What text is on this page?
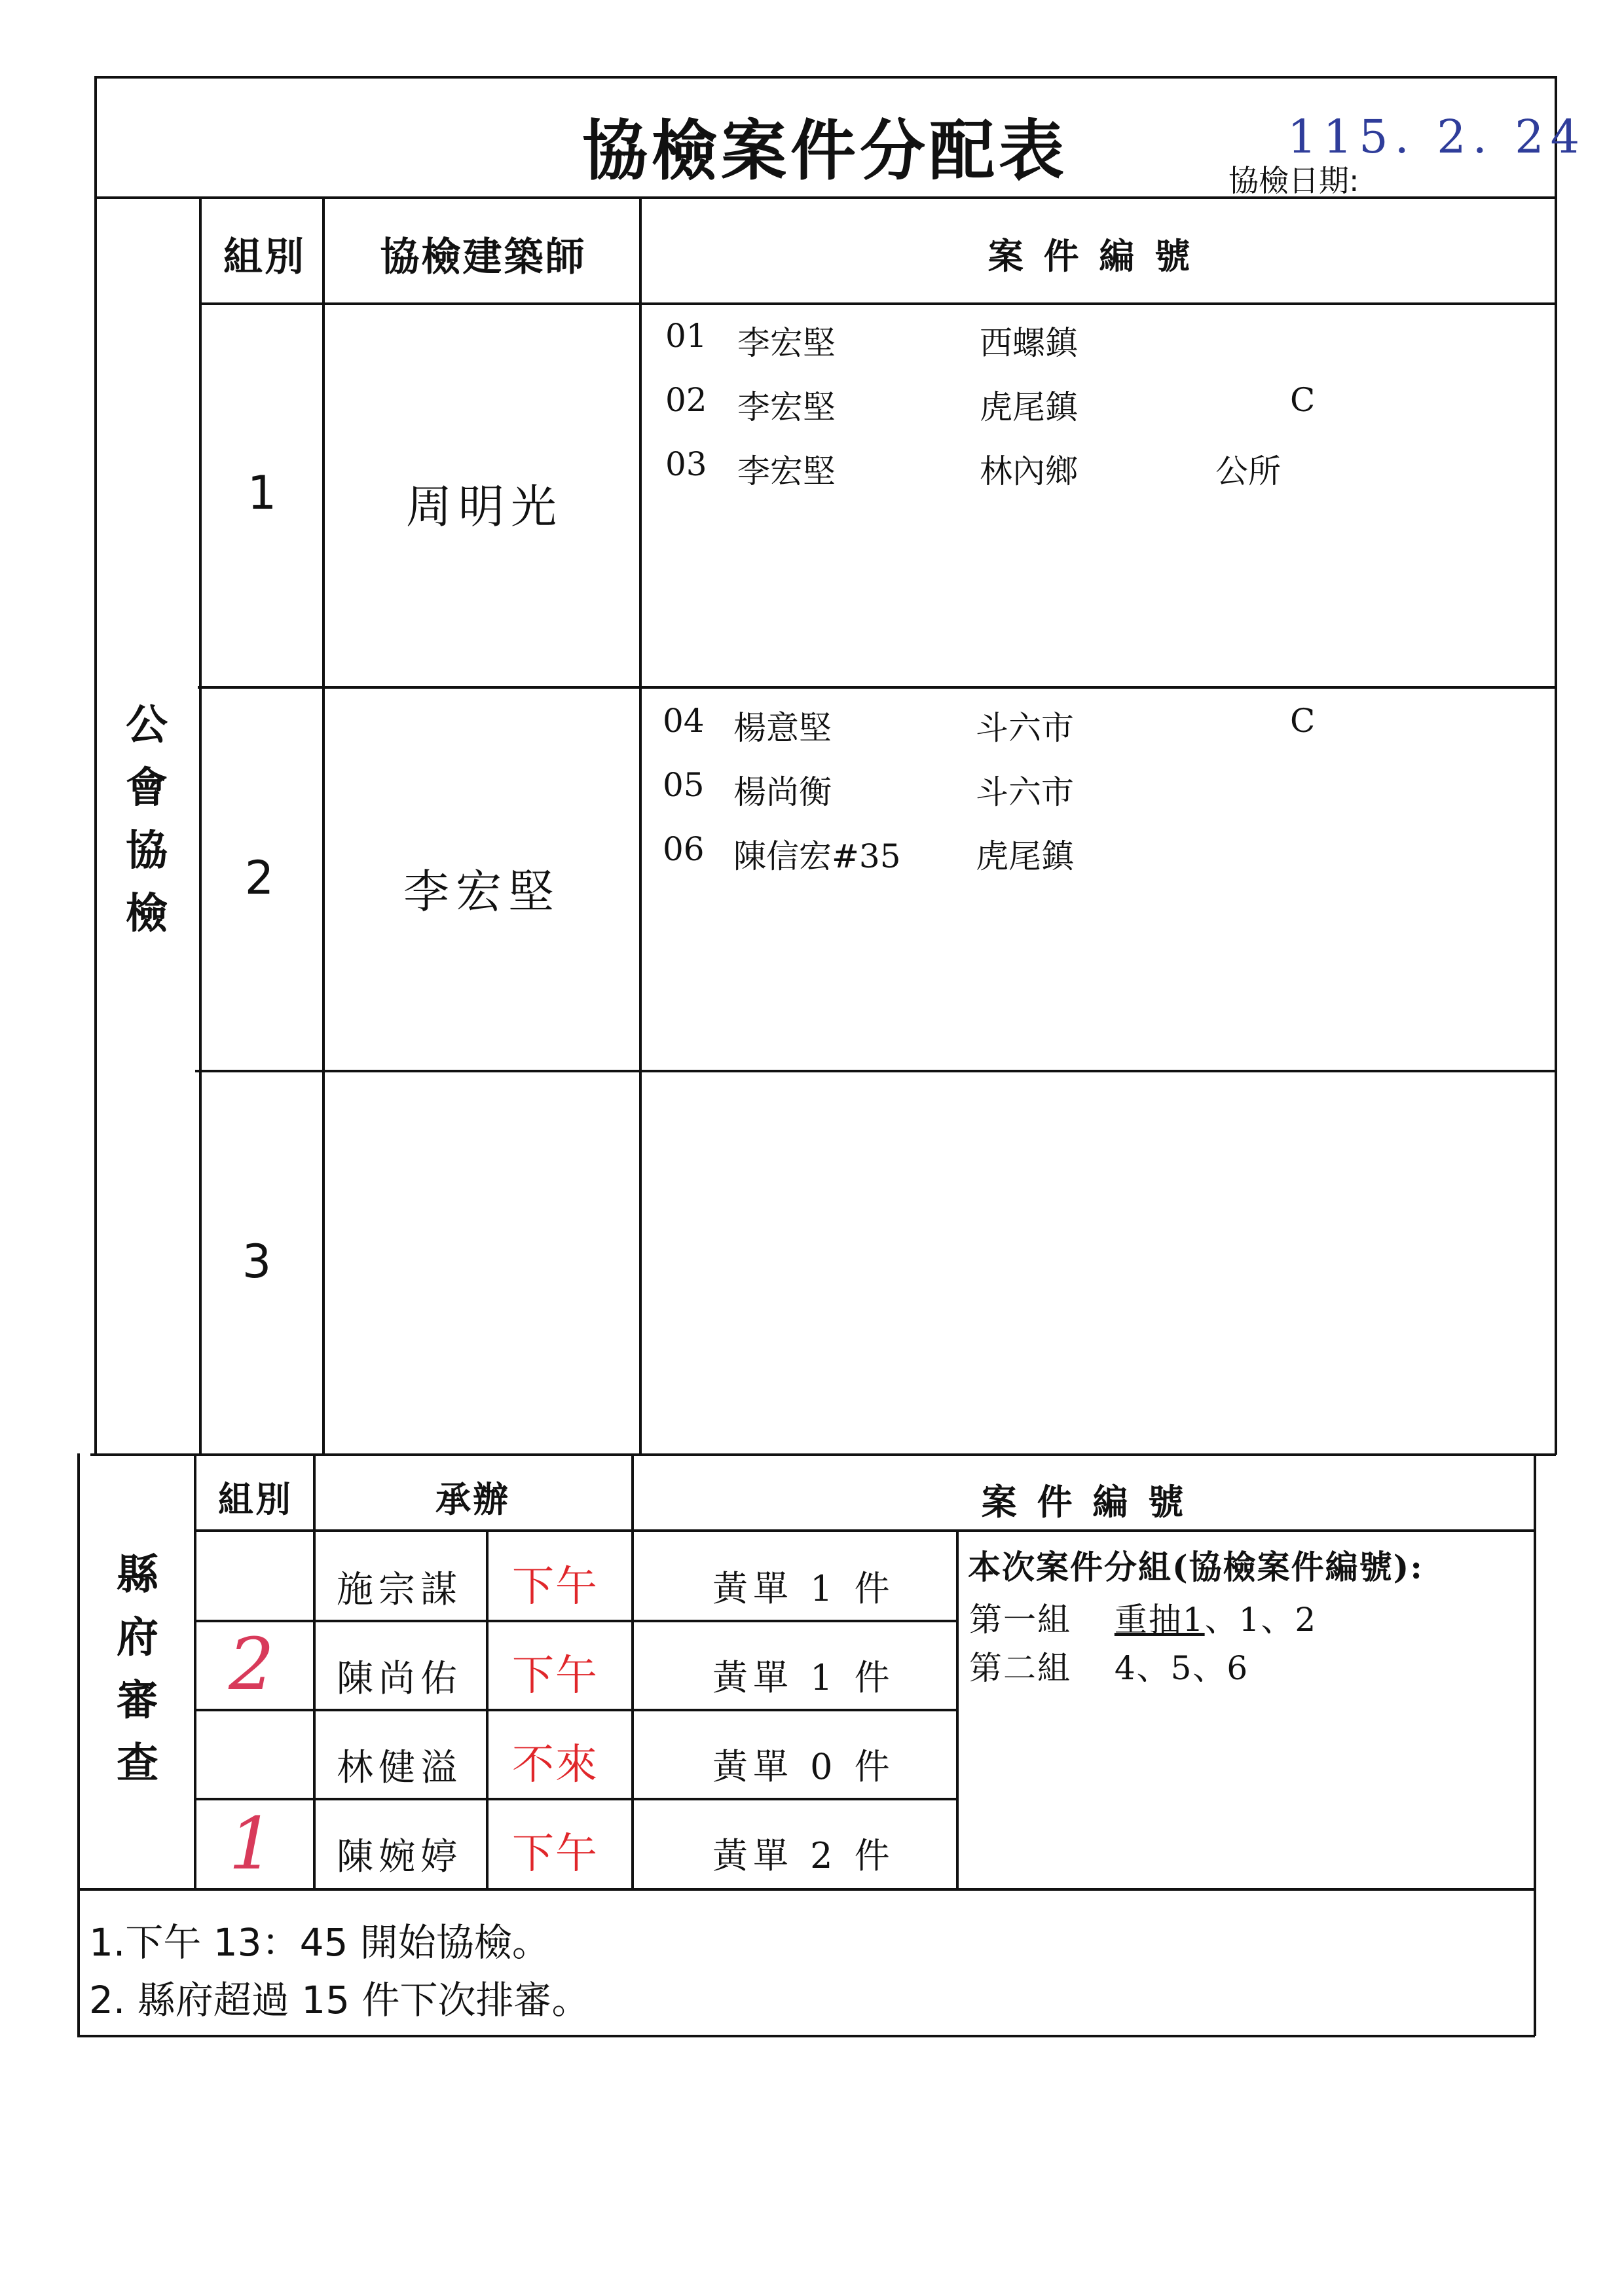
協檢案件分配表	115. 2. 24
協檢日期:
公會協檢
組別 協檢建築師	案 件 編 號
1	周明光
01 李宏堅	西螺鎮
02 李宏堅	虎尾鎮	C
03 李宏堅	林內鄉	公所
2	李宏堅
04 楊意堅	斗六市	C
05 楊尚衡	斗六市
06 陳信宏#35 虎尾鎮
3
縣府審查
組別	承辦	案 件 編 號
施宗謀 下午	黃單 1 件
2 陳尚佑 下午	黃單 1 件
林健溢 不來	黃單 0 件
1 陳婉婷 下午	黃單 2 件
本次案件分組(協檢案件編號):
第一組 重抽1、1、2
第二組 4、5、6
1.下午 13：45 開始協檢。
2. 縣府超過 15 件下次排審。
